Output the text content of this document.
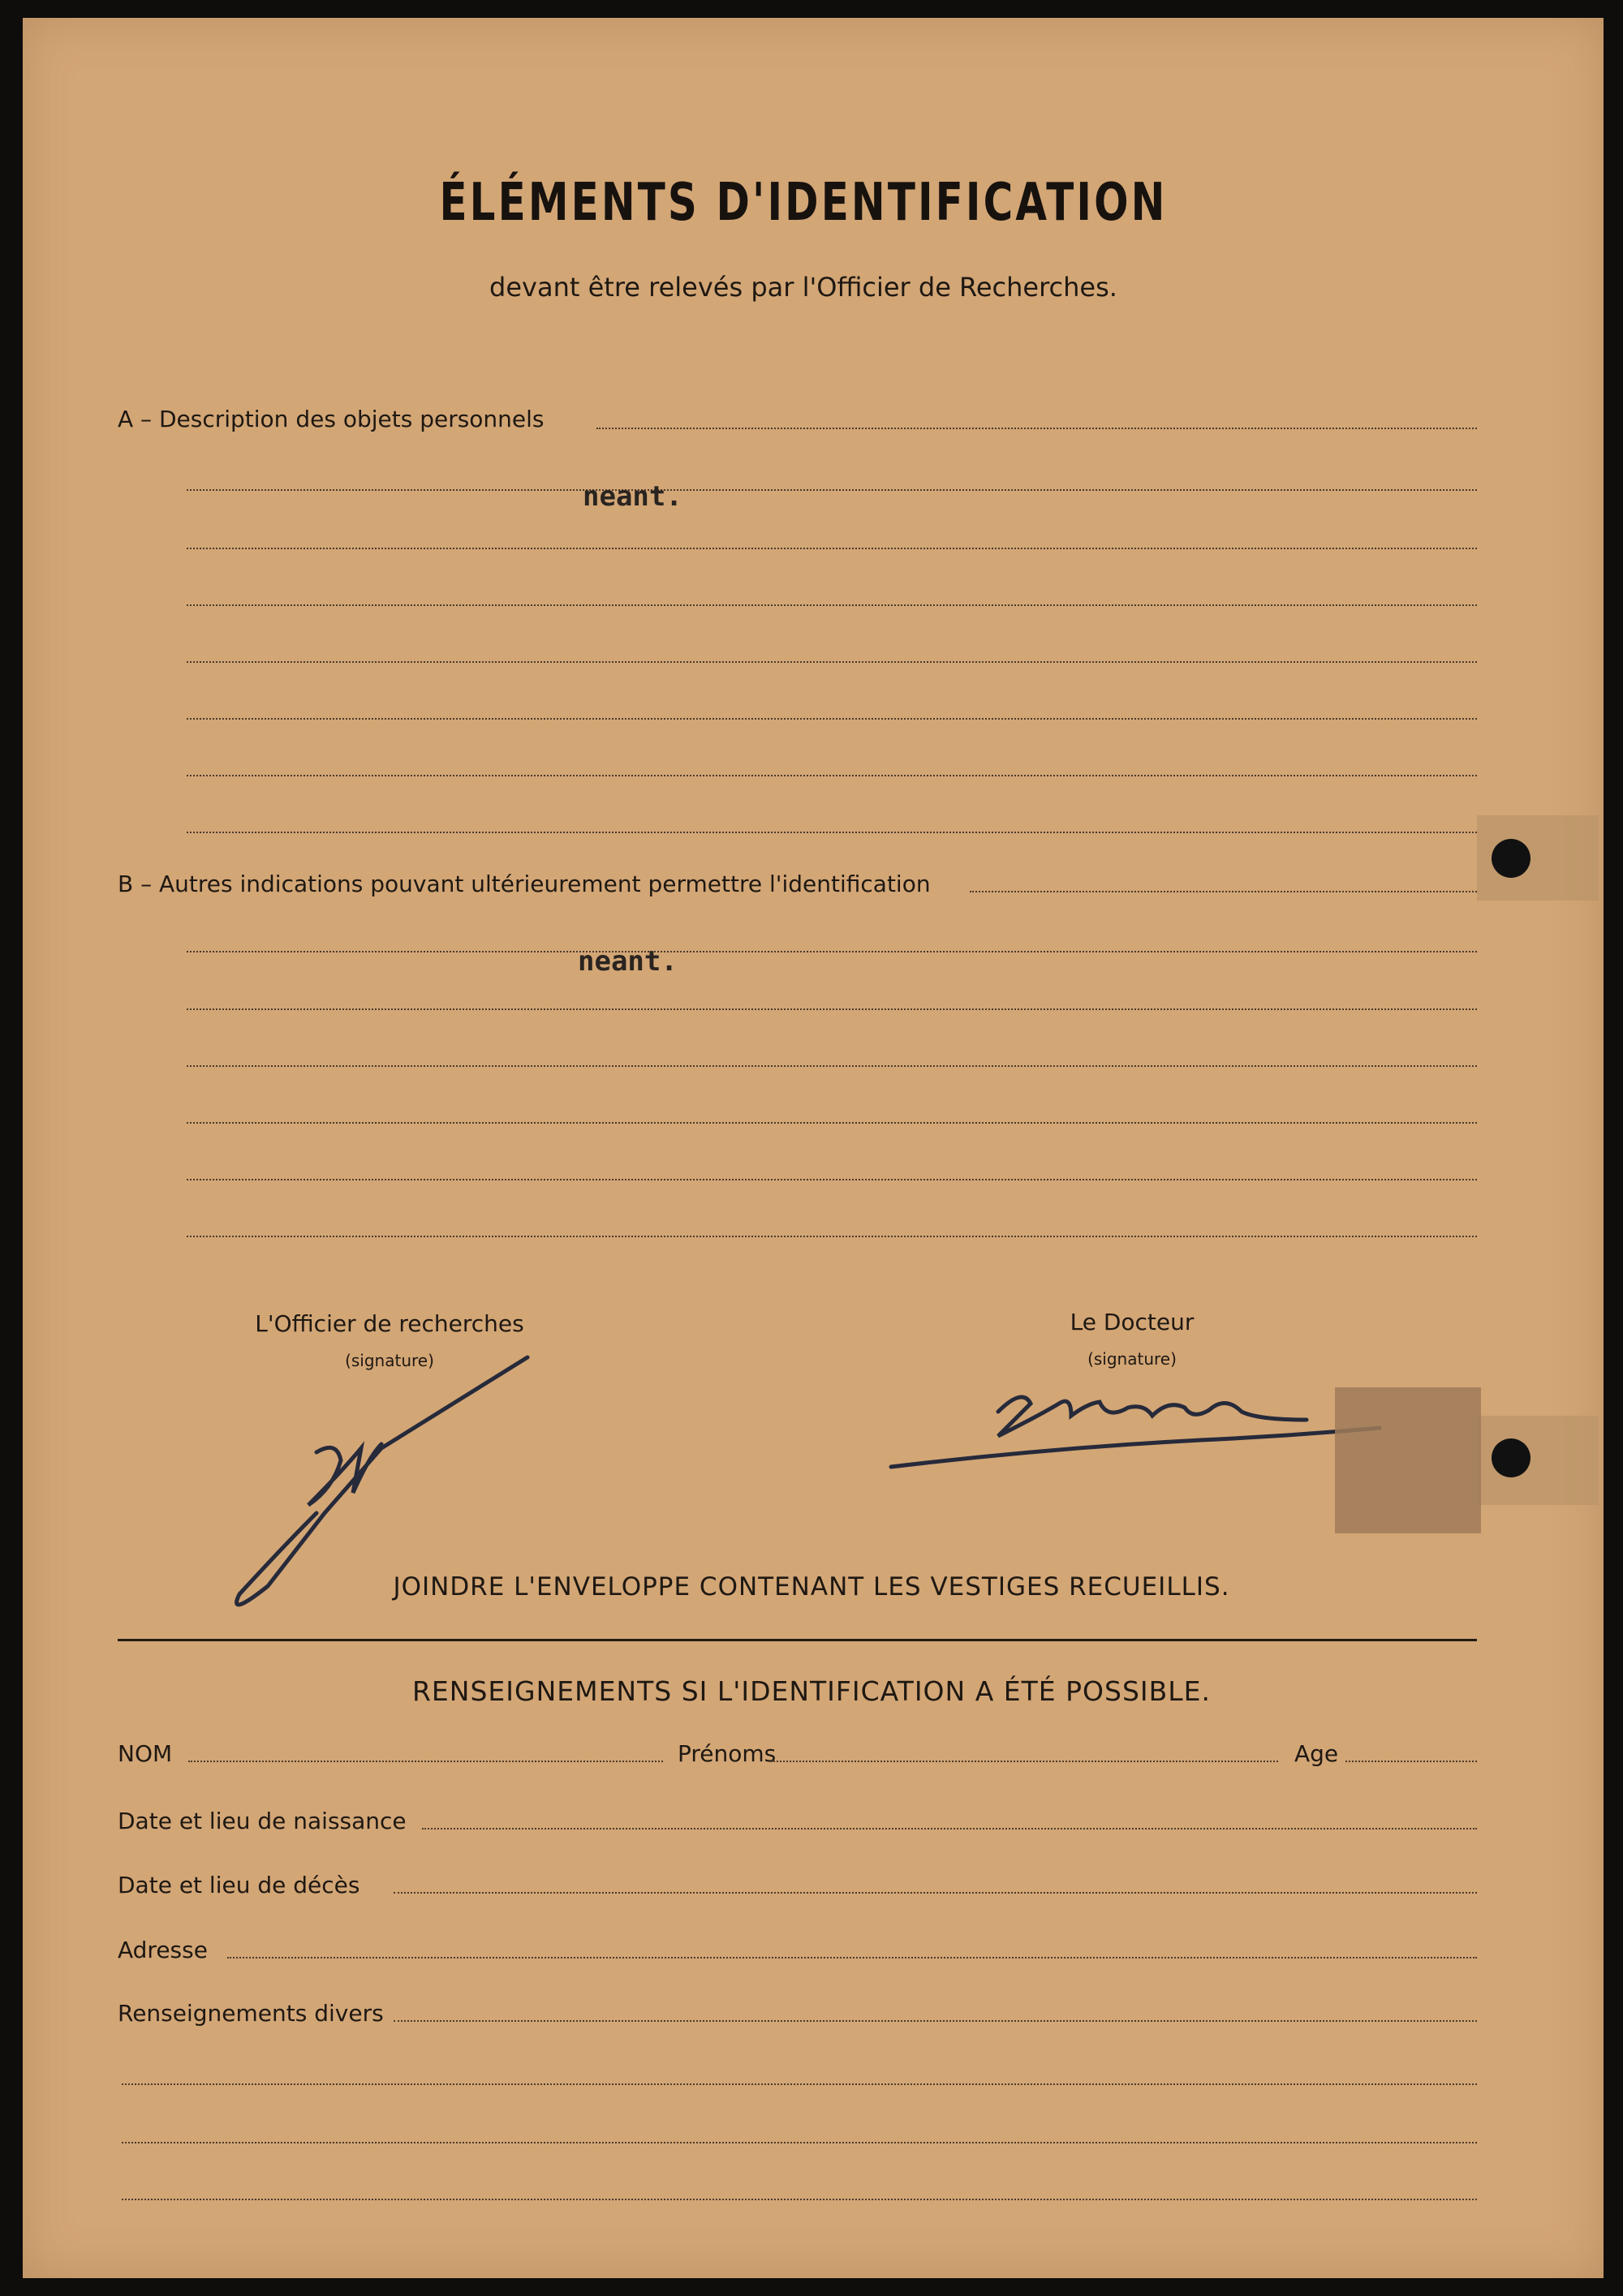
ÉLÉMENTS D'IDENTIFICATION
devant être relevés par l'Officier de Recherches.
A – Description des objets personnels
neant.
B – Autres indications pouvant ultérieurement permettre l'identification
neant.
L'Officier de recherches
(signature)
Le Docteur
(signature)
JOINDRE L'ENVELOPPE CONTENANT LES VESTIGES RECUEILLIS.
RENSEIGNEMENTS SI L'IDENTIFICATION A ÉTÉ POSSIBLE.
NOM	Prénoms	Age
Date et lieu de naissance
Date et lieu de décès
Adresse
Renseignements divers
